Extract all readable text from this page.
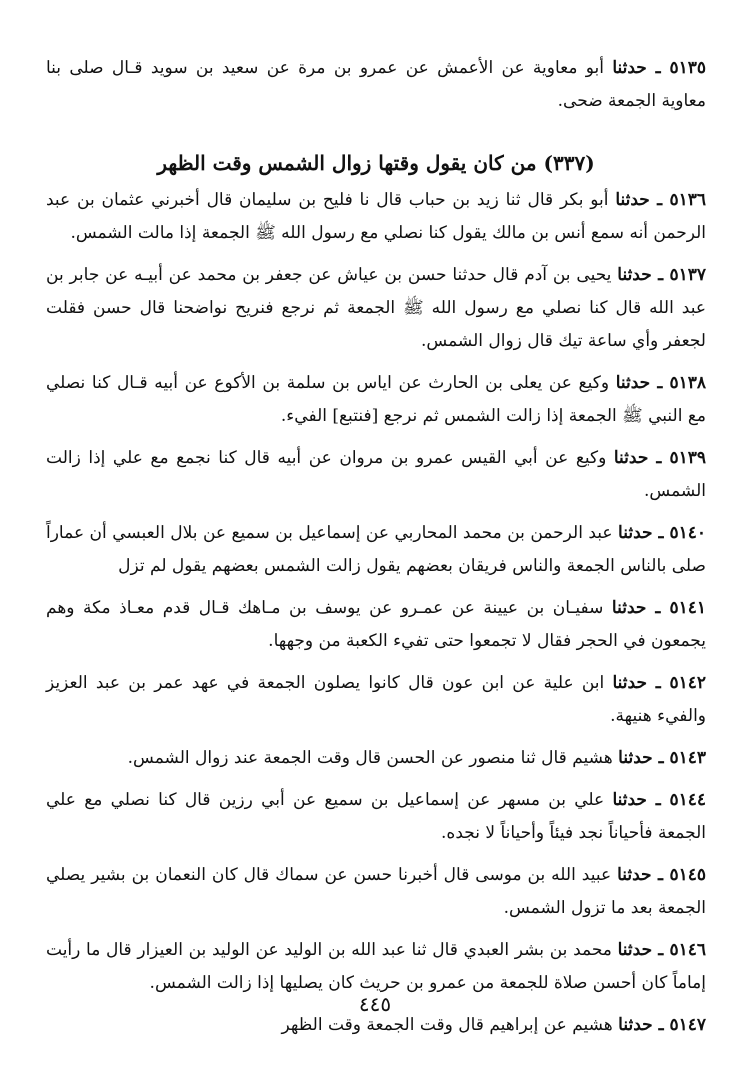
٥١٣٥ ـ حدثنا أبو معاوية عن الأعمش عن عمرو بن مرة عن سعيد بن سويد قـال صلى بنا معاوية الجمعة ضحى.

(٣٣٧) من كان يقول وقتها زوال الشمس وقت الظهر

٥١٣٦ ـ حدثنا أبو بكر قال ثنا زيد بن حباب قال نا فليح بن سليمان قال أخبرني عثمان بن عبد الرحمن أنه سمع أنس بن مالك يقول كنا نصلي مع رسول الله ﷺ الجمعة إذا مالت الشمس.

٥١٣٧ ـ حدثنا يحيى بن آدم قال حدثنا حسن بن عياش عن جعفر بن محمد عن أبيـه عن جابر بن عبد الله قال كنا نصلي مع رسول الله ﷺ الجمعة ثم نرجع فنريح نواضحنا قال حسن فقلت لجعفر وأي ساعة تيك قال زوال الشمس.

٥١٣٨ ـ حدثنا وكيع عن يعلى بن الحارث عن اياس بن سلمة بن الأكوع عن أبيه قـال كنا نصلي مع النبي ﷺ الجمعة إذا زالت الشمس ثم نرجع [فنتبع] الفيء.

٥١٣٩ ـ حدثنا وكيع عن أبي القيس عمرو بن مروان عن أبيه قال كنا نجمع مع علي إذا زالت الشمس.

٥١٤٠ ـ حدثنا عبد الرحمن بن محمد المحاربي عن إسماعيل بن سميع عن بلال العبسي أن عماراً صلى بالناس الجمعة والناس فريقان بعضهم يقول زالت الشمس بعضهم يقول لم تزل

٥١٤١ ـ حدثنا سفيـان بن عيينة عن عمـرو عن يوسف بن مـاهك قـال قدم معـاذ مكة وهم يجمعون في الحجر فقال لا تجمعوا حتى تفيء الكعبة من وجهها.

٥١٤٢ ـ حدثنا ابن علية عن ابن عون قال كانوا يصلون الجمعة في عهد عمر بن عبد العزيز والفيء هنيهة.

٥١٤٣ ـ حدثنا هشيم قال ثنا منصور عن الحسن قال وقت الجمعة عند زوال الشمس.

٥١٤٤ ـ حدثنا علي بن مسهر عن إسماعيل بن سميع عن أبي رزين قال كنا نصلي مع علي الجمعة فأحياناً نجد فيئاً وأحياناً لا نجده.

٥١٤٥ ـ حدثنا عبيد الله بن موسى قال أخبرنا حسن عن سماك قال كان النعمان بن بشير يصلي الجمعة بعد ما تزول الشمس.

٥١٤٦ ـ حدثنا محمد بن بشر العبدي قال ثنا عبد الله بن الوليد عن الوليد بن العيزار قال ما رأيت إماماً كان أحسن صلاة للجمعة من عمرو بن حريث كان يصليها إذا زالت الشمس.

٥١٤٧ ـ حدثنا هشيم عن إبراهيم قال وقت الجمعة وقت الظهر

٤٤٥
